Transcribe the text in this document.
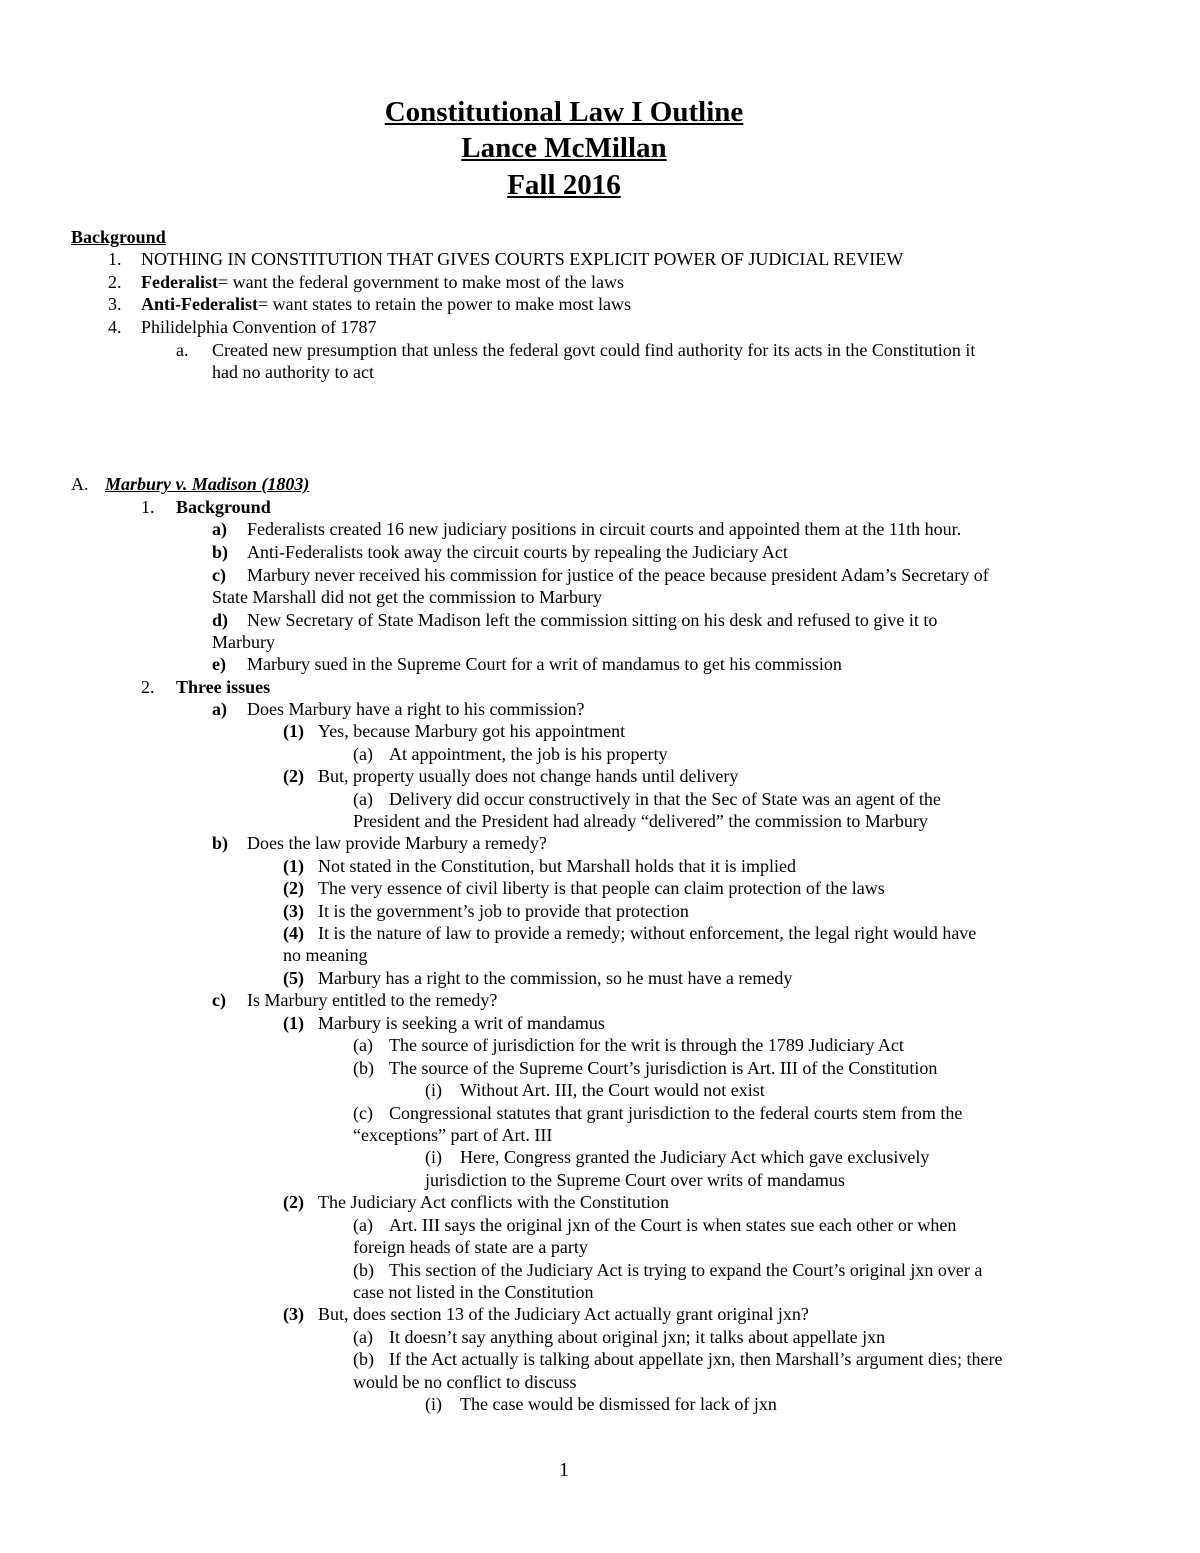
Constitutional Law I Outline
Lance McMillan
Fall 2016
Background
1. NOTHING IN CONSTITUTION THAT GIVES COURTS EXPLICIT POWER OF JUDICIAL REVIEW
2. Federalist= want the federal government to make most of the laws
3. Anti-Federalist= want states to retain the power to make most laws
4. Philidelphia Convention of 1787
a. Created new presumption that unless the federal govt could find authority for its acts in the Constitution it
had no authority to act
A. Marbury v. Madison (1803)
1. Background
a) Federalists created 16 new judiciary positions in circuit courts and appointed them at the 11th hour.
b) Anti-Federalists took away the circuit courts by repealing the Judiciary Act
c) Marbury never received his commission for justice of the peace because president Adam’s Secretary of
State Marshall did not get the commission to Marbury
d) New Secretary of State Madison left the commission sitting on his desk and refused to give it to
Marbury
e) Marbury sued in the Supreme Court for a writ of mandamus to get his commission
2. Three issues
a) Does Marbury have a right to his commission?
(1) Yes, because Marbury got his appointment
(a) At appointment, the job is his property
(2) But, property usually does not change hands until delivery
(a) Delivery did occur constructively in that the Sec of State was an agent of the
President and the President had already “delivered” the commission to Marbury
b) Does the law provide Marbury a remedy?
(1) Not stated in the Constitution, but Marshall holds that it is implied
(2) The very essence of civil liberty is that people can claim protection of the laws
(3) It is the government’s job to provide that protection
(4) It is the nature of law to provide a remedy; without enforcement, the legal right would have
no meaning
(5) Marbury has a right to the commission, so he must have a remedy
c) Is Marbury entitled to the remedy?
(1) Marbury is seeking a writ of mandamus
(a) The source of jurisdiction for the writ is through the 1789 Judiciary Act
(b) The source of the Supreme Court’s jurisdiction is Art. III of the Constitution
(i) Without Art. III, the Court would not exist
(c) Congressional statutes that grant jurisdiction to the federal courts stem from the
“exceptions” part of Art. III
(i) Here, Congress granted the Judiciary Act which gave exclusively
jurisdiction to the Supreme Court over writs of mandamus
(2) The Judiciary Act conflicts with the Constitution
(a) Art. III says the original jxn of the Court is when states sue each other or when
foreign heads of state are a party
(b) This section of the Judiciary Act is trying to expand the Court’s original jxn over a
case not listed in the Constitution
(3) But, does section 13 of the Judiciary Act actually grant original jxn?
(a) It doesn’t say anything about original jxn; it talks about appellate jxn
(b) If the Act actually is talking about appellate jxn, then Marshall’s argument dies; there
would be no conflict to discuss
(i) The case would be dismissed for lack of jxn
1
